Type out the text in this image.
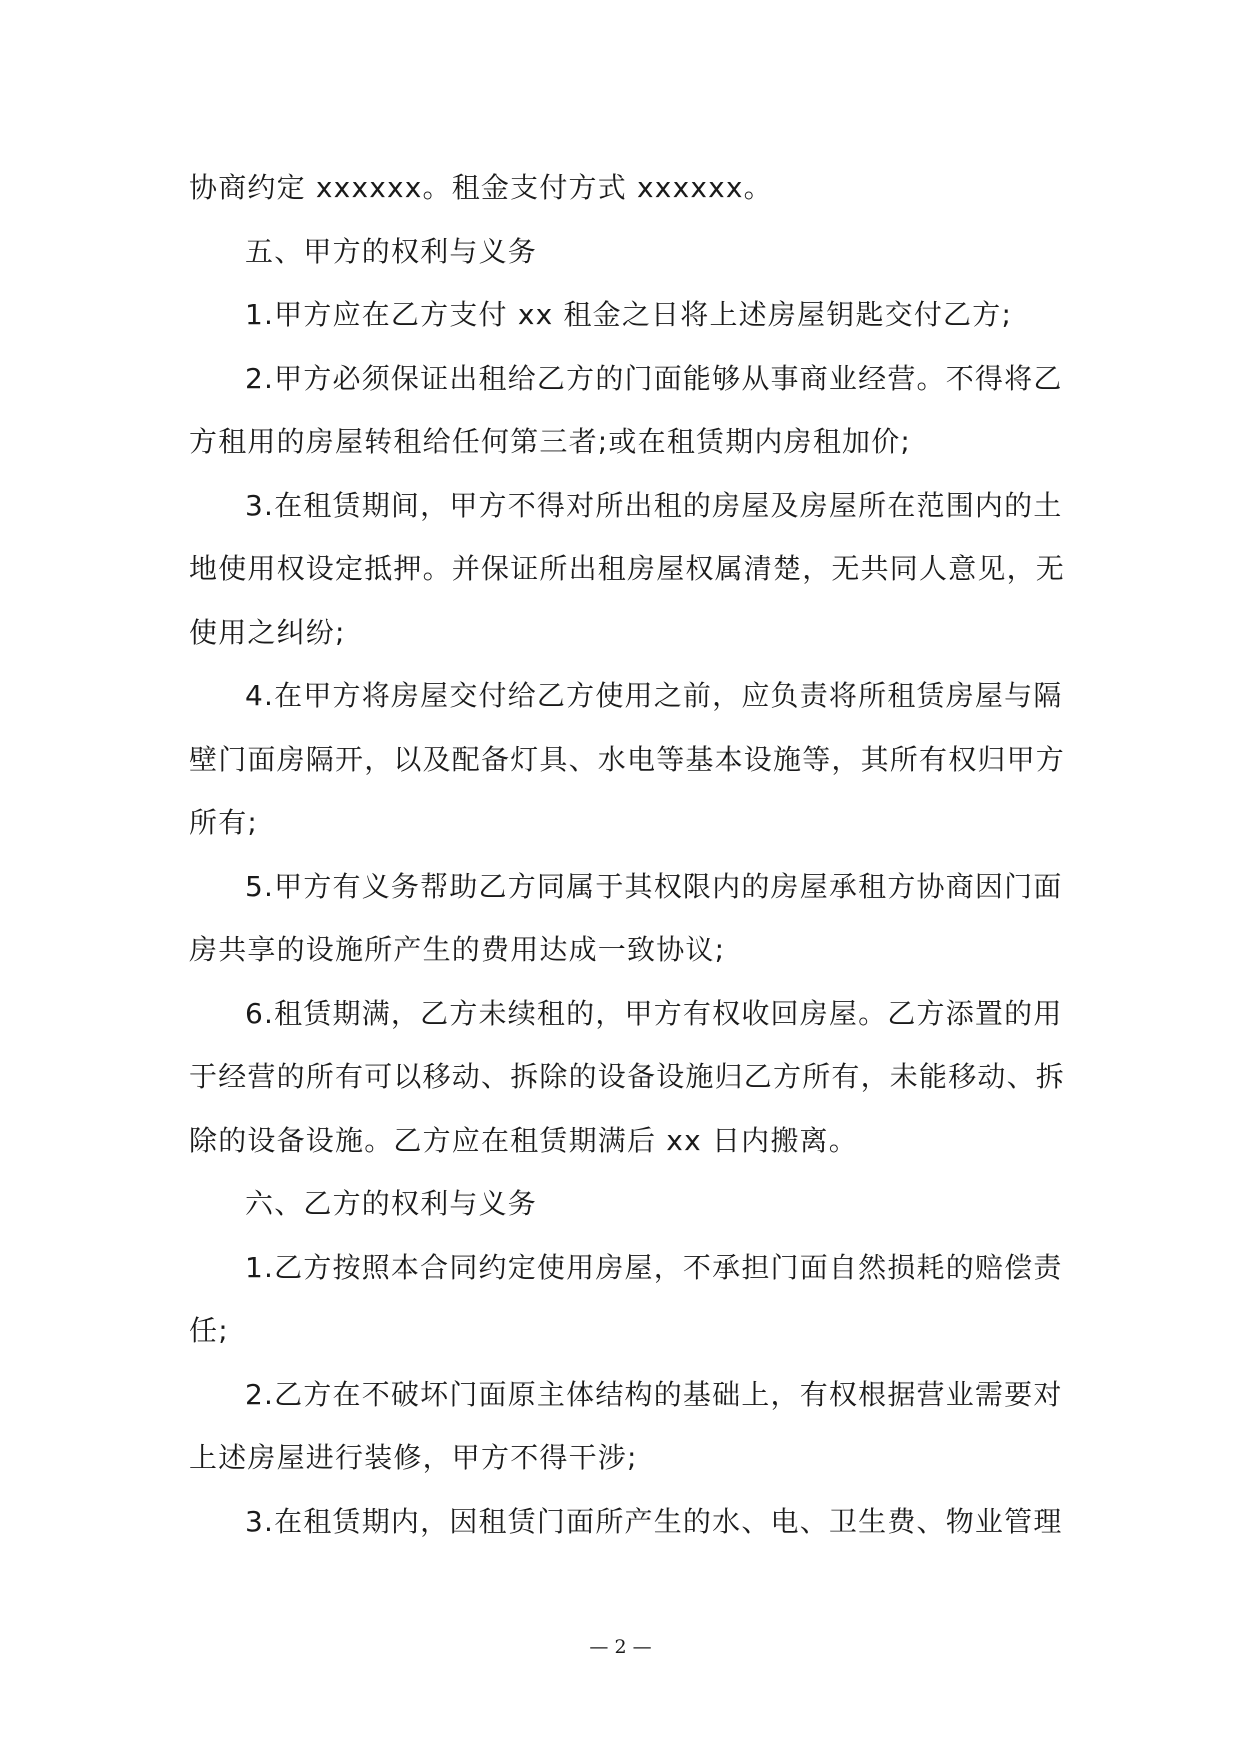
协商约定 xxxxxx。租金支付方式 xxxxxx。
五、甲方的权利与义务
1.甲方应在乙方支付 xx 租金之日将上述房屋钥匙交付乙方;
2.甲方必须保证出租给乙方的门面能够从事商业经营。不得将乙
方租用的房屋转租给任何第三者;或在租赁期内房租加价;
3.在租赁期间，甲方不得对所出租的房屋及房屋所在范围内的土
地使用权设定抵押。并保证所出租房屋权属清楚，无共同人意见，无
使用之纠纷;
4.在甲方将房屋交付给乙方使用之前，应负责将所租赁房屋与隔
壁门面房隔开，以及配备灯具、水电等基本设施等，其所有权归甲方
所有;
5.甲方有义务帮助乙方同属于其权限内的房屋承租方协商因门面
房共享的设施所产生的费用达成一致协议;
6.租赁期满，乙方未续租的，甲方有权收回房屋。乙方添置的用
于经营的所有可以移动、拆除的设备设施归乙方所有，未能移动、拆
除的设备设施。乙方应在租赁期满后 xx 日内搬离。
六、乙方的权利与义务
1.乙方按照本合同约定使用房屋，不承担门面自然损耗的赔偿责
任;
2.乙方在不破坏门面原主体结构的基础上，有权根据营业需要对
上述房屋进行装修，甲方不得干涉;
3.在租赁期内，因租赁门面所产生的水、电、卫生费、物业管理
— 2 —
